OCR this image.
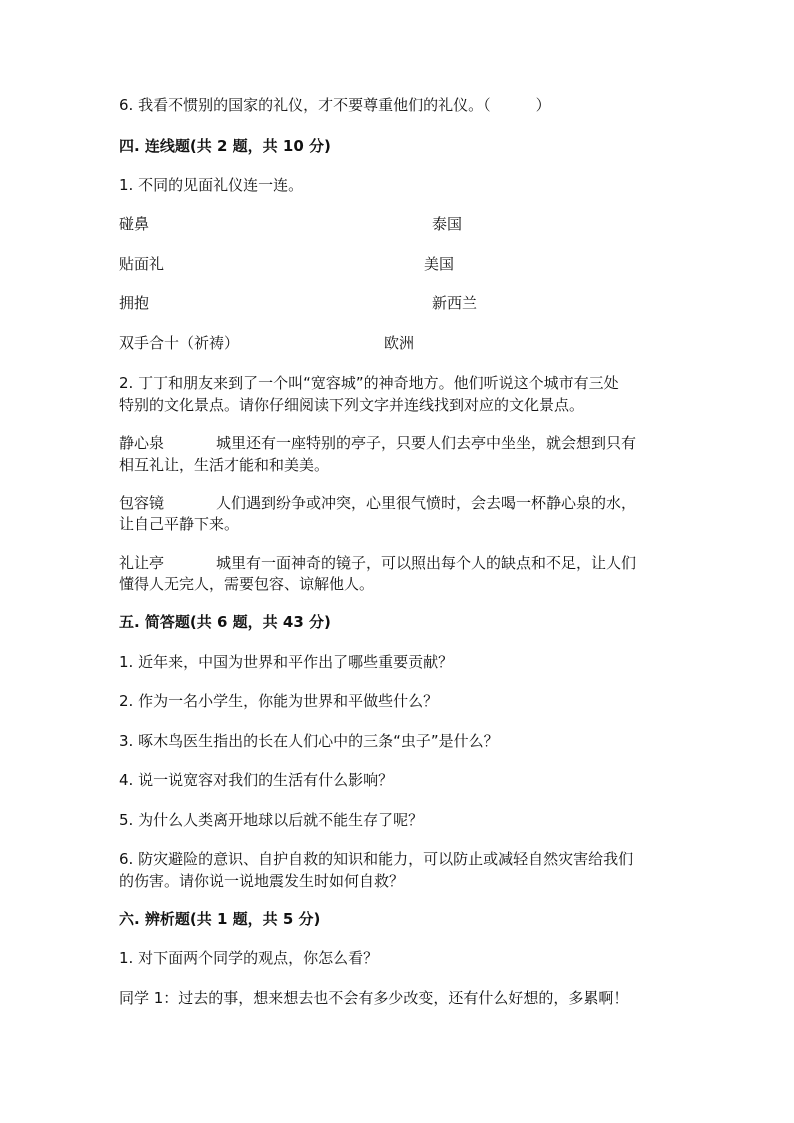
6. 我看不惯别的国家的礼仪，才不要尊重他们的礼仪。（　　　）
四. 连线题(共 2 题，共 10 分)
1. 不同的见面礼仪连一连。
碰鼻	泰国
贴面礼	美国
拥抱	新西兰
双手合十（祈祷）	欧洲
2. 丁丁和朋友来到了一个叫“宽容城”的神奇地方。他们听说这个城市有三处
特别的文化景点。请你仔细阅读下列文字并连线找到对应的文化景点。
静心泉	城里还有一座特别的亭子，只要人们去亭中坐坐，就会想到只有
相互礼让，生活才能和和美美。
包容镜	人们遇到纷争或冲突，心里很气愤时，会去喝一杯静心泉的水，
让自己平静下来。
礼让亭	城里有一面神奇的镜子，可以照出每个人的缺点和不足，让人们
懂得人无完人，需要包容、谅解他人。
五. 简答题(共 6 题，共 43 分)
1. 近年来，中国为世界和平作出了哪些重要贡献？
2. 作为一名小学生，你能为世界和平做些什么？
3. 啄木鸟医生指出的长在人们心中的三条“虫子”是什么？
4. 说一说宽容对我们的生活有什么影响？
5. 为什么人类离开地球以后就不能生存了呢？
6. 防灾避险的意识、自护自救的知识和能力，可以防止或减轻自然灾害给我们
的伤害。请你说一说地震发生时如何自救？
六. 辨析题(共 1 题，共 5 分)
1. 对下面两个同学的观点，你怎么看？
同学 1：过去的事，想来想去也不会有多少改变，还有什么好想的，多累啊！
